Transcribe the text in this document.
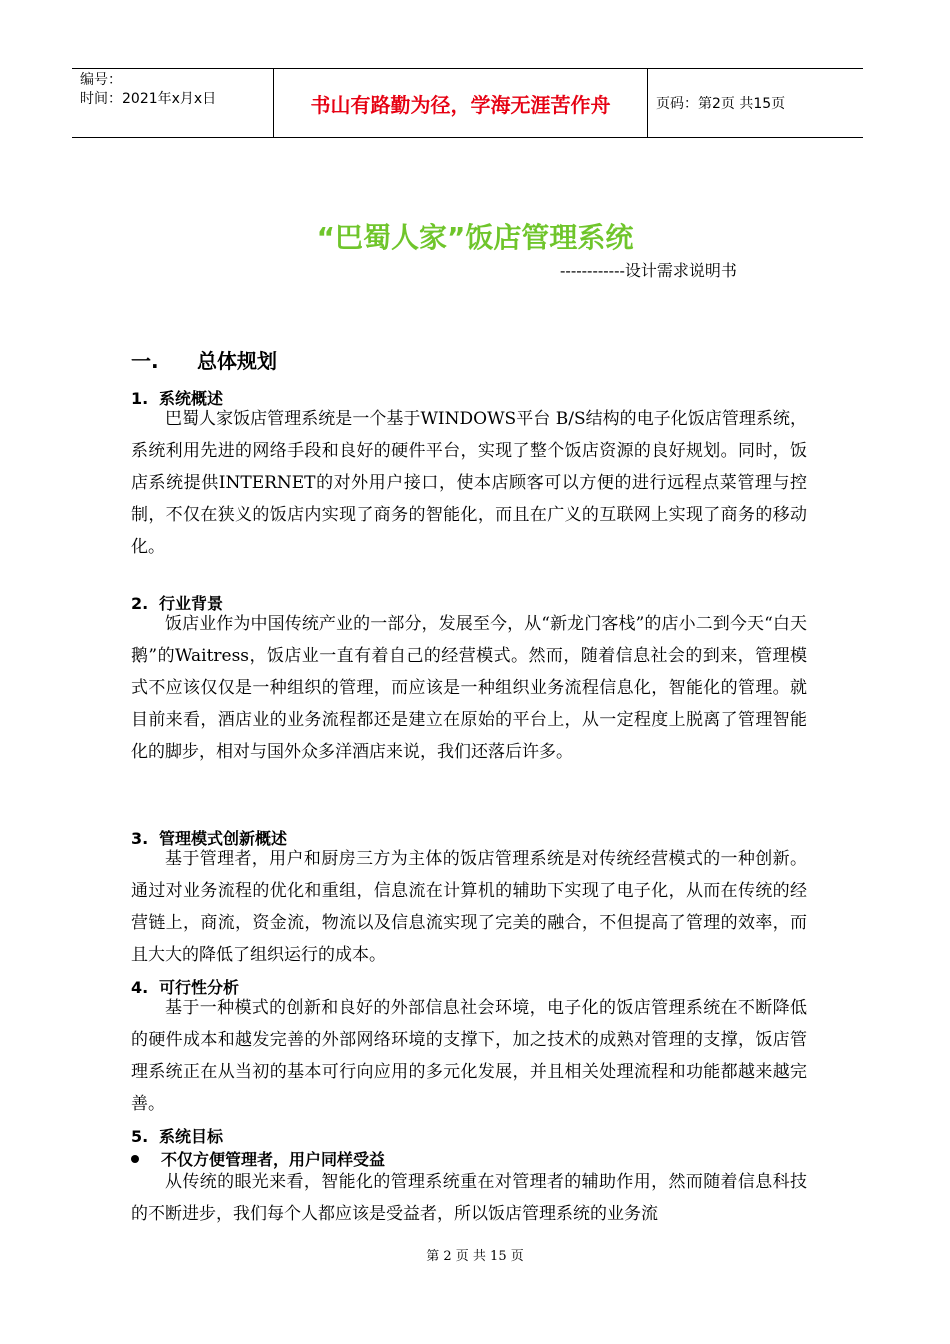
编号：
时间：2021年x月x日	书山有路勤为径，学海无涯苦作舟	页码：第2页 共15页
“巴蜀人家”饭店管理系统
------------设计需求说明书
一. 总体规划
1. 系统概述
巴蜀人家饭店管理系统是一个基于WINDOWS平台 B/S结构的电子化饭店管理系统，系统利用先进的网络手段和良好的硬件平台，实现了整个饭店资源的良好规划。同时，饭店系统提供INTERNET的对外用户接口，使本店顾客可以方便的进行远程点菜管理与控制，不仅在狭义的饭店内实现了商务的智能化，而且在广义的互联网上实现了商务的移动化。
2. 行业背景
饭店业作为中国传统产业的一部分，发展至今，从“新龙门客栈”的店小二到今天“白天鹅”的Waitress，饭店业一直有着自己的经营模式。然而，随着信息社会的到来，管理模式不应该仅仅是一种组织的管理，而应该是一种组织业务流程信息化，智能化的管理。就目前来看，酒店业的业务流程都还是建立在原始的平台上，从一定程度上脱离了管理智能化的脚步，相对与国外众多洋酒店来说，我们还落后许多。
3. 管理模式创新概述
基于管理者，用户和厨房三方为主体的饭店管理系统是对传统经营模式的一种创新。通过对业务流程的优化和重组，信息流在计算机的辅助下实现了电子化，从而在传统的经营链上，商流，资金流，物流以及信息流实现了完美的融合，不但提高了管理的效率，而且大大的降低了组织运行的成本。
4. 可行性分析
基于一种模式的创新和良好的外部信息社会环境，电子化的饭店管理系统在不断降低的硬件成本和越发完善的外部网络环境的支撑下，加之技术的成熟对管理的支撑，饭店管理系统正在从当初的基本可行向应用的多元化发展，并且相关处理流程和功能都越来越完善。
5. 系统目标
不仅方便管理者，用户同样受益
从传统的眼光来看，智能化的管理系统重在对管理者的辅助作用，然而随着信息科技的不断进步，我们每个人都应该是受益者，所以饭店管理系统的业务流
第 2 页 共 15 页
